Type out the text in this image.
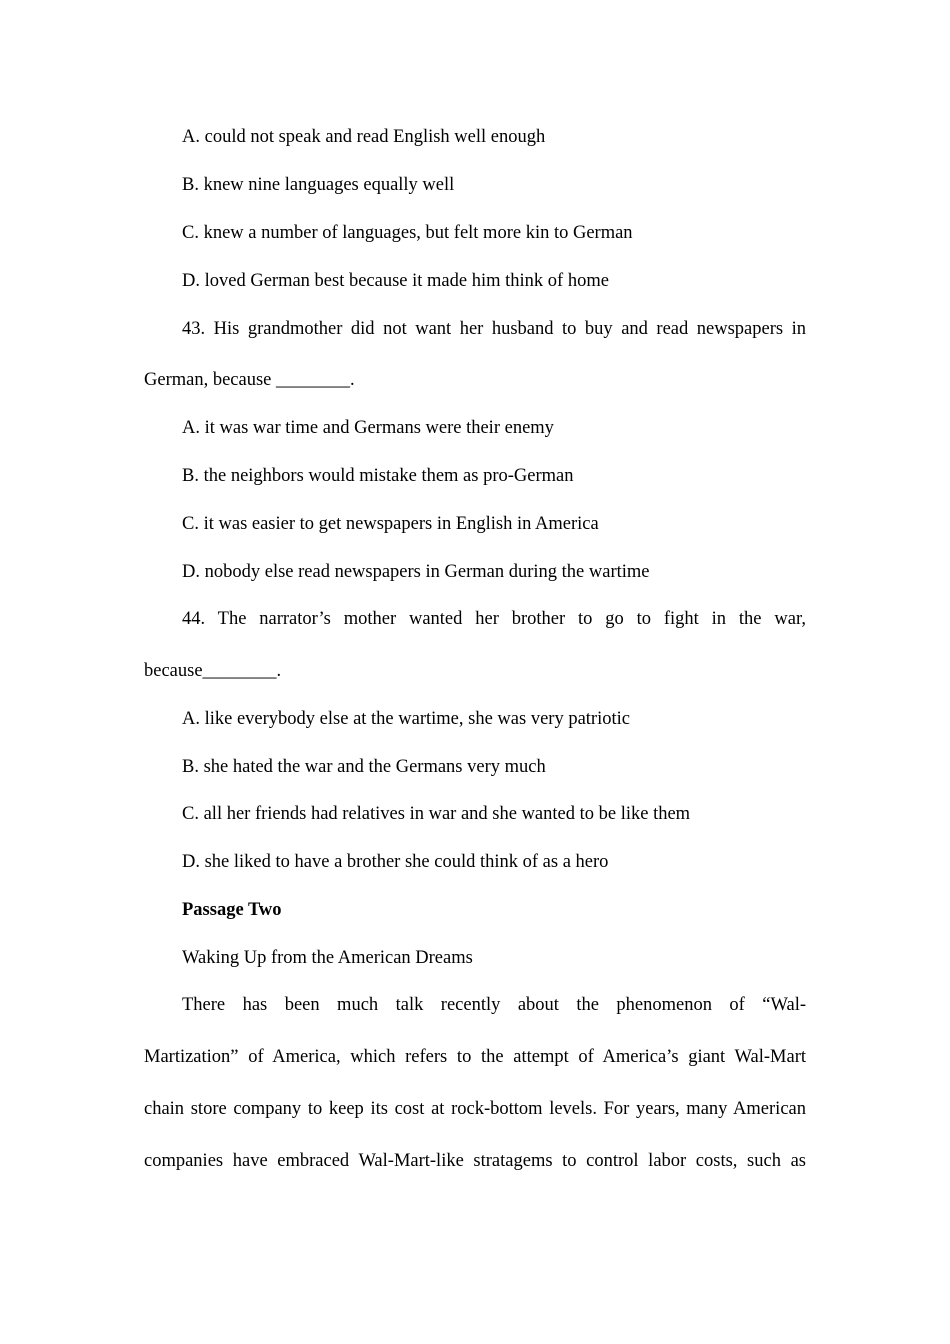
A. could not speak and read English well enough
B. knew nine languages equally well
C. knew a number of languages, but felt more kin to German
D. loved German best because it made him think of home
43. His grandmother did not want her husband to buy and read newspapers in
German, because ________.
A. it was war time and Germans were their enemy
B. the neighbors would mistake them as pro-German
C. it was easier to get newspapers in English in America
D. nobody else read newspapers in German during the wartime
44. The narrator’s mother wanted her brother to go to fight in the war,
because________.
A. like everybody else at the wartime, she was very patriotic
B. she hated the war and the Germans very much
C. all her friends had relatives in war and she wanted to be like them
D. she liked to have a brother she could think of as a hero
Passage Two
Waking Up from the American Dreams
There has been much talk recently about the phenomenon of “Wal-
Martization” of America, which refers to the attempt of America’s giant Wal-Mart
chain store company to keep its cost at rock-bottom levels. For years, many American
companies have embraced Wal-Mart-like stratagems to control labor costs, such as
